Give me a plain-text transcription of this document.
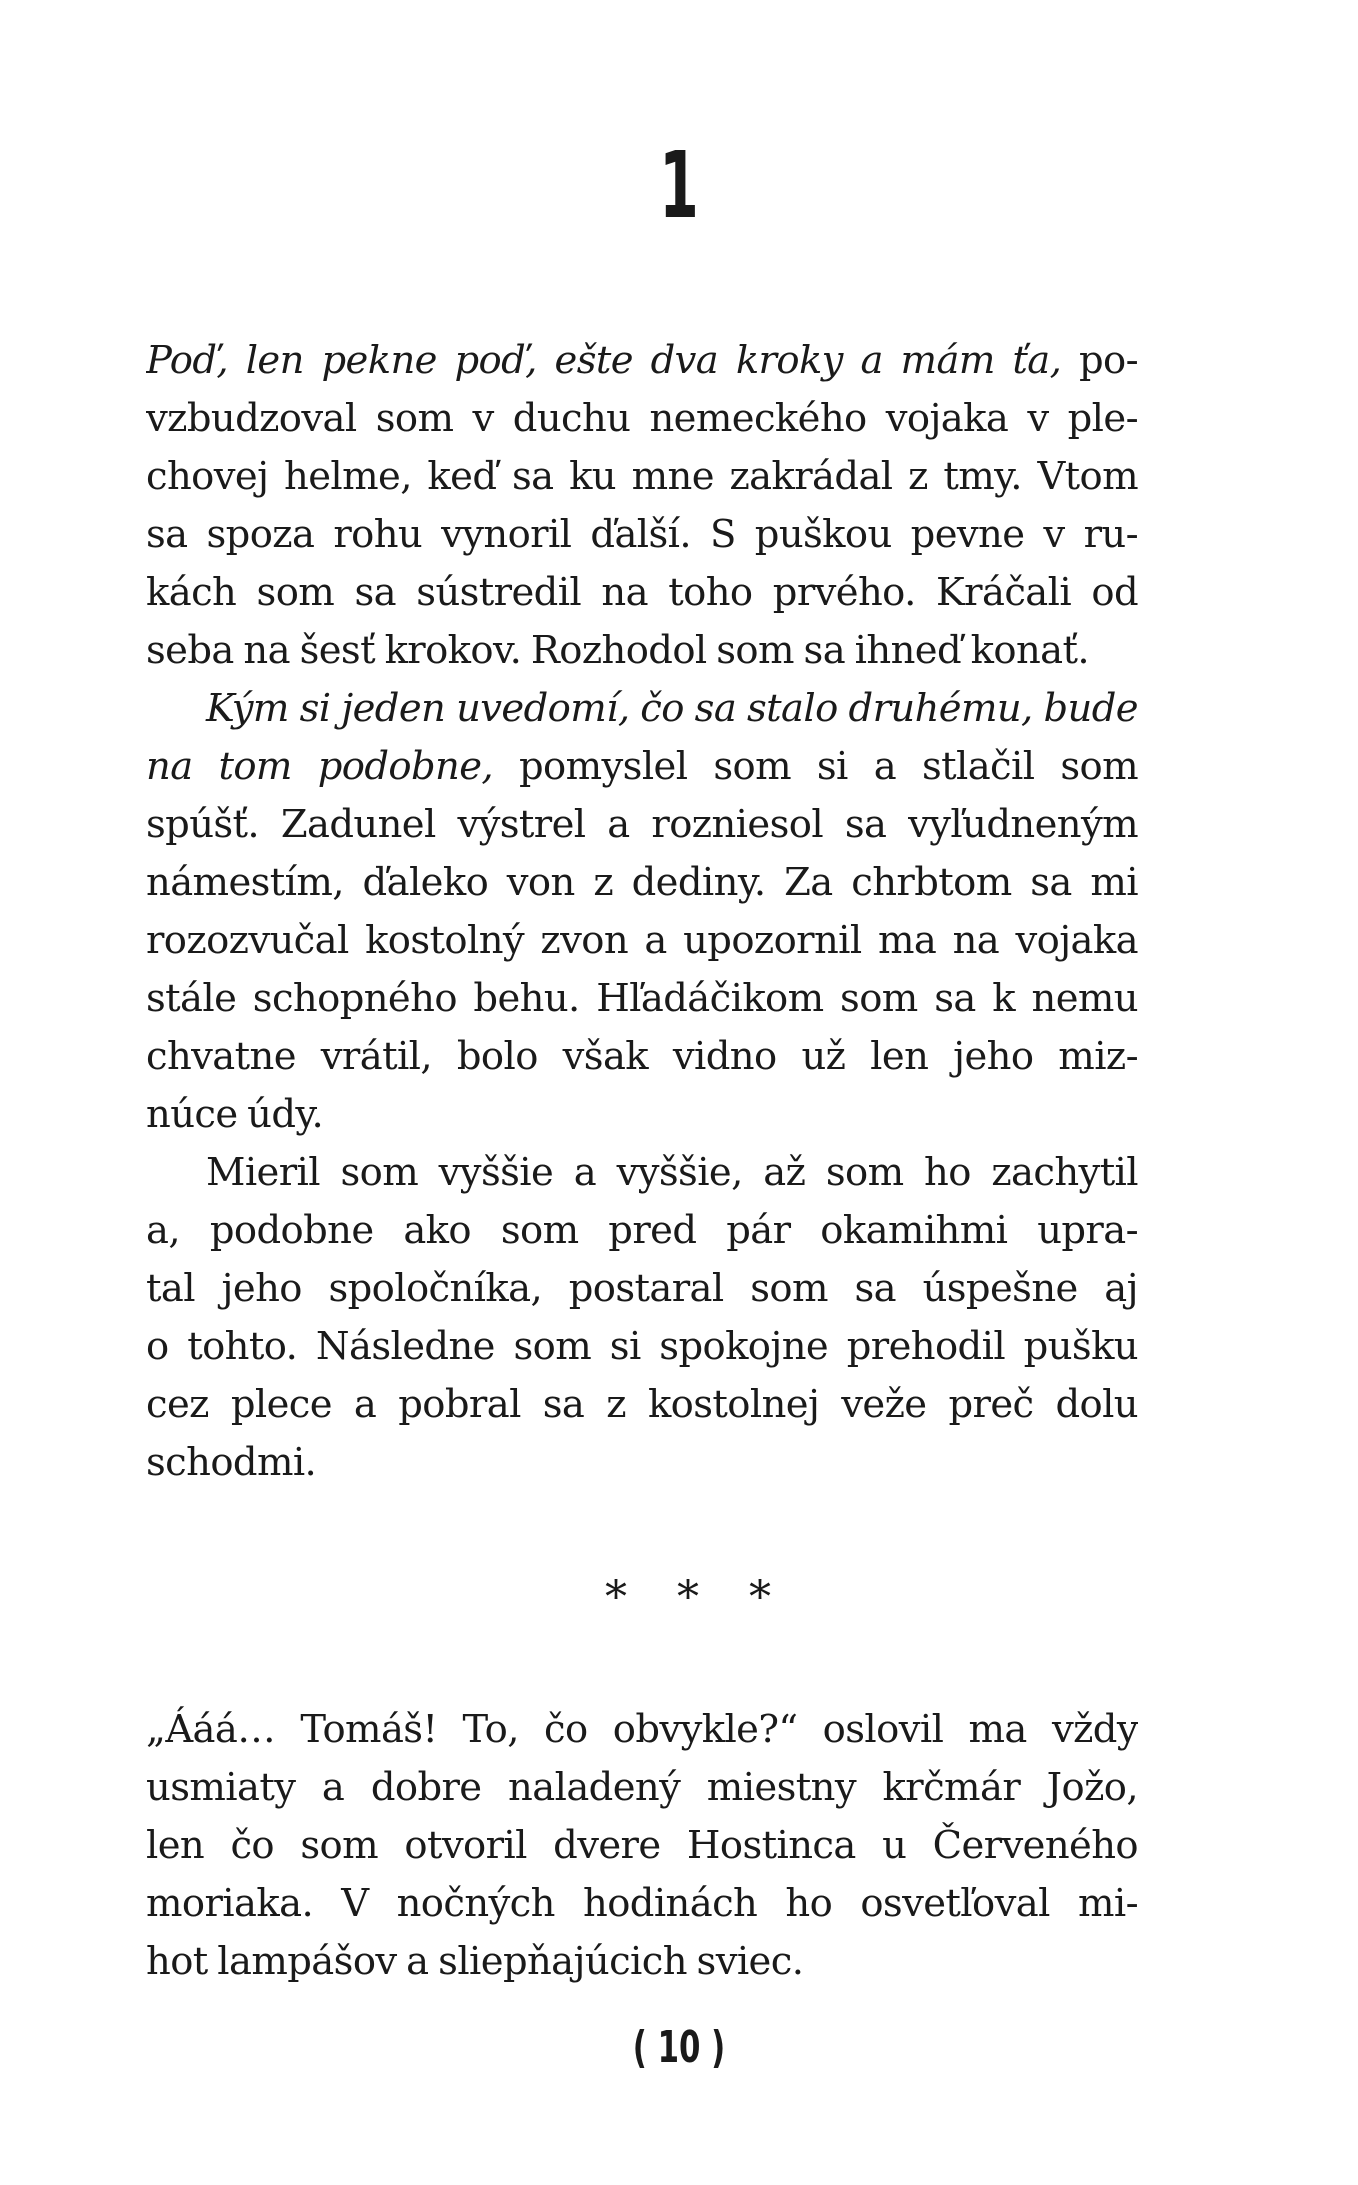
1
Poď, len pekne poď, ešte dva kroky a mám ťa, po-
vzbudzoval som v duchu nemeckého vojaka v ple-
chovej helme, keď sa ku mne zakrádal z tmy. Vtom
sa spoza rohu vynoril ďalší. S puškou pevne v ru-
kách som sa sústredil na toho prvého. Kráčali od
seba na šesť krokov. Rozhodol som sa ihneď konať.
Kým si jeden uvedomí, čo sa stalo druhému, bude
na tom podobne, pomyslel som si a stlačil som
spúšť. Zadunel výstrel a rozniesol sa vyľudneným
námestím, ďaleko von z dediny. Za chrbtom sa mi
rozozvučal kostolný zvon a upozornil ma na vojaka
stále schopného behu. Hľadáčikom som sa k nemu
chvatne vrátil, bolo však vidno už len jeho miz-
núce údy.
Mieril som vyššie a vyššie, až som ho zachytil
a, podobne ako som pred pár okamihmi upra-
tal jeho spoločníka, postaral som sa úspešne aj
o tohto. Následne som si spokojne prehodil pušku
cez plece a pobral sa z kostolnej veže preč dolu
schodmi.
* * *
„Ááá… Tomáš! To, čo obvykle?“ oslovil ma vždy
usmiaty a dobre naladený miestny krčmár Jožo,
len čo som otvoril dvere Hostinca u Červeného
moriaka. V nočných hodinách ho osvetľoval mi-
hot lampášov a sliepňajúcich sviec.
( 10 )
